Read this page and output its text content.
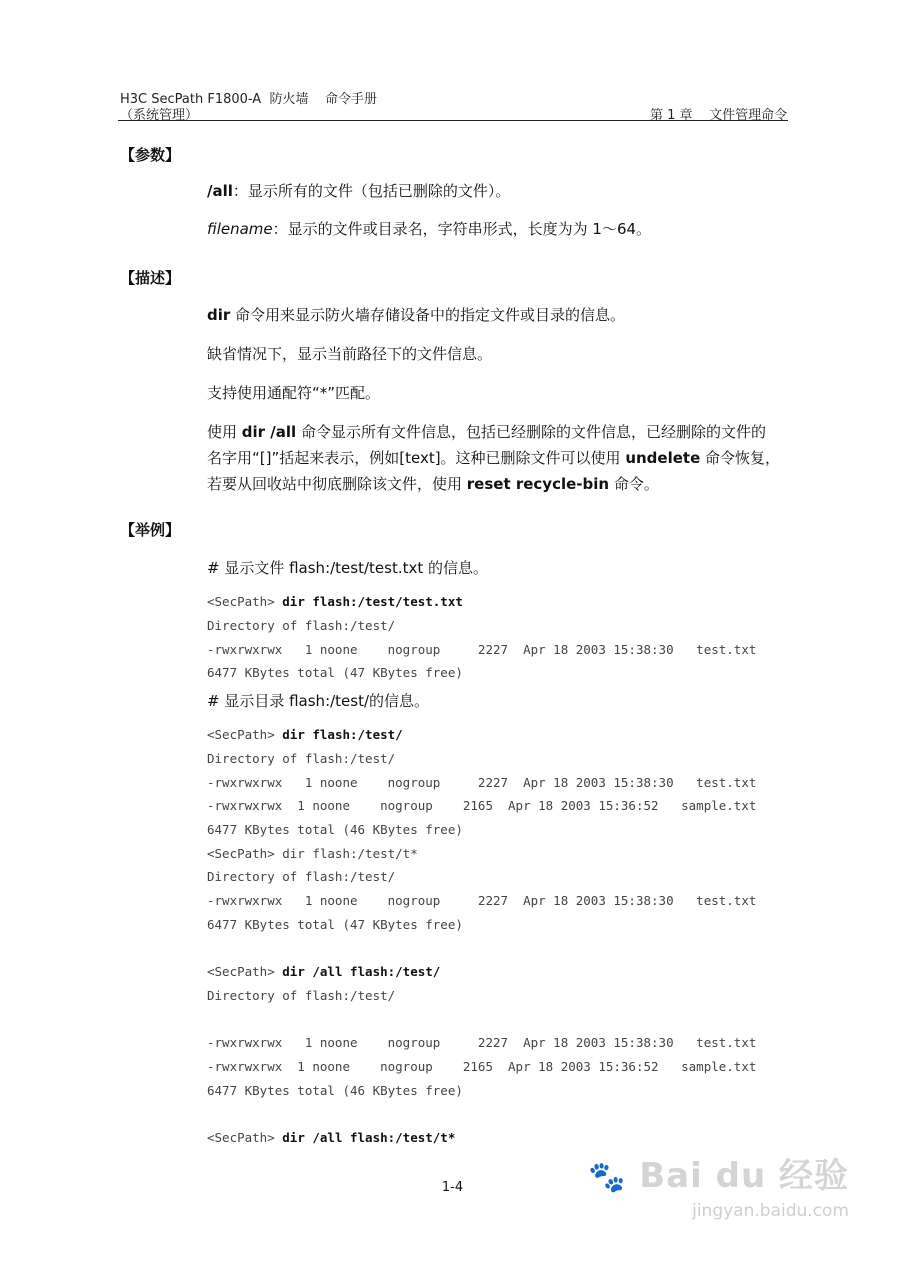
H3C SecPath F1800-A  防火墙    命令手册
（系统管理）	第 1 章    文件管理命令
【参数】
/all：显示所有的文件（包括已删除的文件）。
filename：显示的文件或目录名，字符串形式，长度为为 1～64。
【描述】
dir 命令用来显示防火墙存储设备中的指定文件或目录的信息。
缺省情况下，显示当前路径下的文件信息。
支持使用通配符“*”匹配。
使用 dir /all 命令显示所有文件信息，包括已经删除的文件信息，已经删除的文件的
名字用“[]”括起来表示，例如[text]。这种已删除文件可以使用 undelete 命令恢复，
若要从回收站中彻底删除该文件，使用 reset recycle-bin 命令。
【举例】
# 显示文件 flash:/test/test.txt 的信息。
<SecPath> dir flash:/test/test.txt
Directory of flash:/test/
-rwxrwxrwx   1 noone    nogroup     2227  Apr 18 2003 15:38:30   test.txt
6477 KBytes total (47 KBytes free)
# 显示目录 flash:/test/的信息。
<SecPath> dir flash:/test/
Directory of flash:/test/
-rwxrwxrwx   1 noone    nogroup     2227  Apr 18 2003 15:38:30   test.txt
-rwxrwxrwx  1 noone    nogroup    2165  Apr 18 2003 15:36:52   sample.txt
6477 KBytes total (46 KBytes free)
<SecPath> dir flash:/test/t*
Directory of flash:/test/
-rwxrwxrwx   1 noone    nogroup     2227  Apr 18 2003 15:38:30   test.txt
6477 KBytes total (47 KBytes free)
<SecPath> dir /all flash:/test/
Directory of flash:/test/
-rwxrwxrwx   1 noone    nogroup     2227  Apr 18 2003 15:38:30   test.txt
-rwxrwxrwx  1 noone    nogroup    2165  Apr 18 2003 15:36:52   sample.txt
6477 KBytes total (46 KBytes free)
<SecPath> dir /all flash:/test/t*
1-4	🐾 Bai du 经验
jingyan.baidu.com
